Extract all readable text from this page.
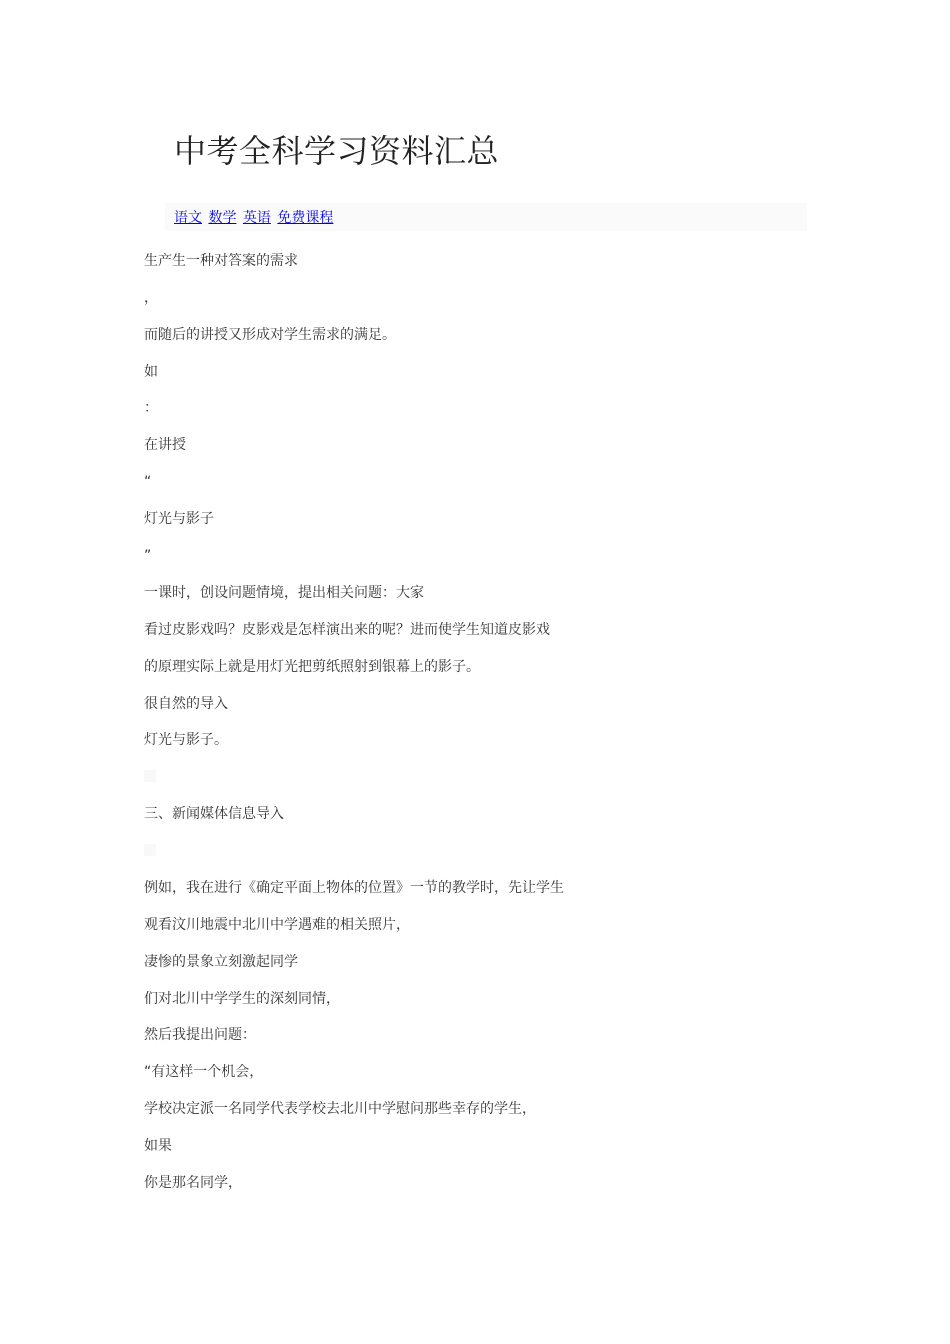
中考全科学习资料汇总
语文 数学 英语 免费课程

生产生一种对答案的需求

，

而随后的讲授又形成对学生需求的满足。

如

：

在讲授

“

灯光与影子

”

一课时，创设问题情境，提出相关问题：大家

看过皮影戏吗？皮影戏是怎样演出来的呢？进而使学生知道皮影戏

的原理实际上就是用灯光把剪纸照射到银幕上的影子。

很自然的导入

灯光与影子。

三、新闻媒体信息导入

例如，我在进行《确定平面上物体的位置》一节的教学时，先让学生

观看汶川地震中北川中学遇难的相关照片，

凄惨的景象立刻激起同学

们对北川中学学生的深刻同情，

然后我提出问题：

“有这样一个机会，

学校决定派一名同学代表学校去北川中学慰问那些幸存的学生，

如果

你是那名同学，
